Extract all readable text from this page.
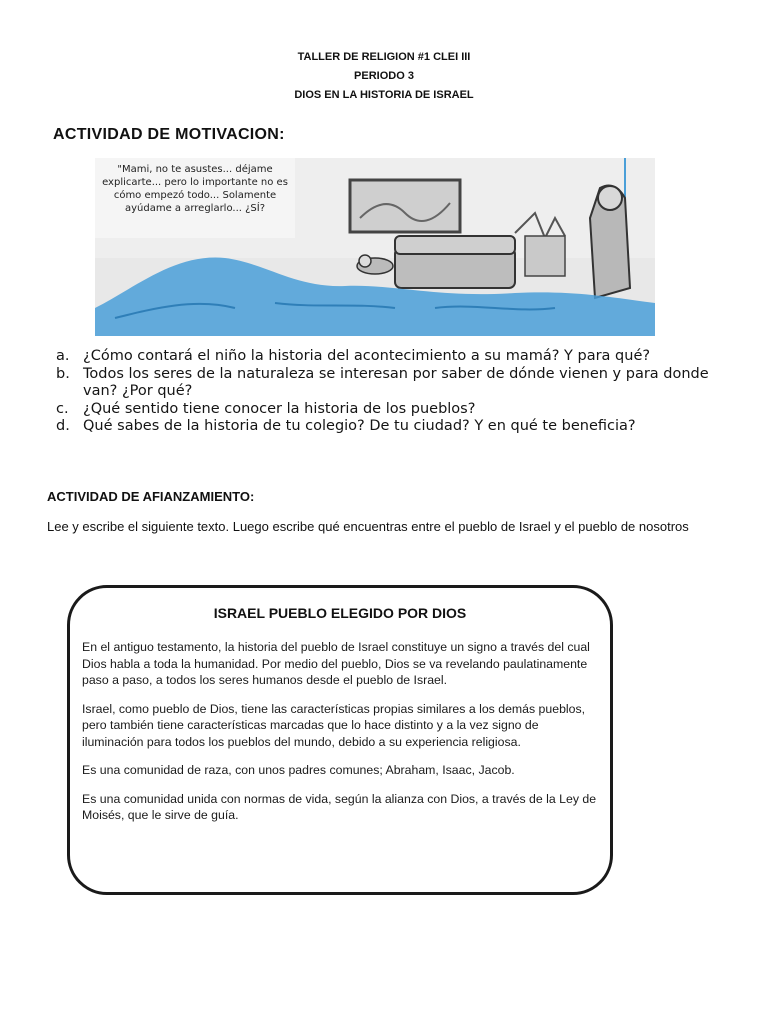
TALLER DE RELIGION #1 CLEI III
PERIODO 3
DIOS EN LA HISTORIA DE ISRAEL
ACTIVIDAD DE MOTIVACION:
"Mami, no te asustes... déjame explicarte... pero lo importante no es cómo empezó todo... Solamente ayúdame a arreglarlo... ¿SÍ?
a. ¿Cómo contará el niño la historia del acontecimiento a su mamá? Y para qué?
b. Todos los seres de la naturaleza se interesan por saber de dónde vienen y para donde van? ¿Por qué?
c. ¿Qué sentido tiene conocer la historia de los pueblos?
d. Qué sabes de la historia de tu colegio? De tu ciudad? Y en qué te beneficia?
ACTIVIDAD DE AFIANZAMIENTO:
Lee y escribe el siguiente texto. Luego escribe qué encuentras entre el pueblo de Israel y el pueblo de nosotros
ISRAEL PUEBLO ELEGIDO POR DIOS

En el antiguo testamento, la historia del pueblo de Israel constituye un signo a través del cual Dios habla a toda la humanidad. Por medio del pueblo, Dios se va revelando paulatinamente paso a paso, a todos los seres humanos desde el pueblo de Israel.

Israel, como pueblo de Dios, tiene las características propias similares a los demás pueblos, pero también tiene características marcadas que lo hace distinto y a la vez signo de iluminación para todos los pueblos del mundo, debido a su experiencia religiosa.

Es una comunidad de raza, con unos padres comunes; Abraham, Isaac, Jacob.

Es una comunidad unida con normas de vida, según la alianza con Dios, a través de la Ley de Moisés, que le sirve de guía.
